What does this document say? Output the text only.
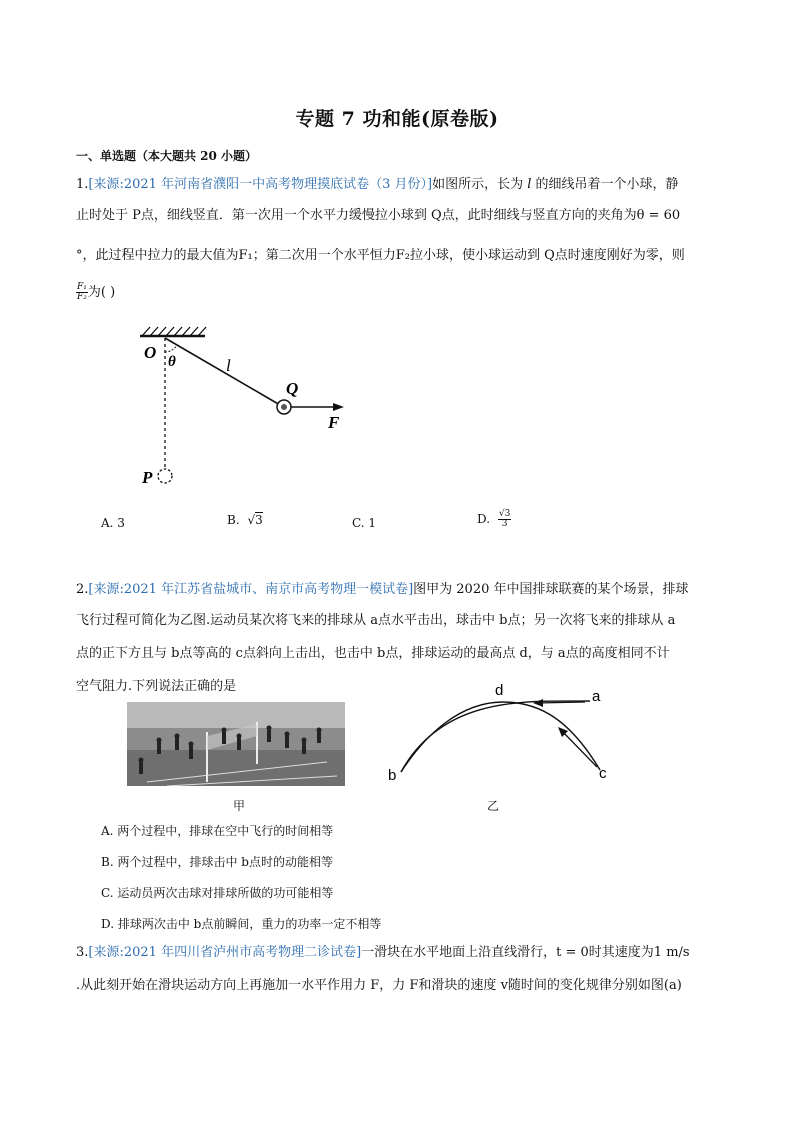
专题 7 功和能(原卷版)
一、单选题（本大题共 20 小题）
1.[来源:2021 年河南省濮阳一中高考物理摸底试卷（3 月份）]如图所示，长为 l 的细线吊着一个小球，静
止时处于 P点，细线竖直．第一次用一个水平力缓慢拉小球到 Q点，此时细线与竖直方向的夹角为θ = 60
°，此过程中拉力的最大值为F₁；第二次用一个水平恒力F₂拉小球，使小球运动到 Q点时速度刚好为零，则
$\frac{\text{F₁}}{\text{F₂}}$ 为( )
O θ	l
Q
F
P
A. 3	B. √3	C. 1	D. $\frac{√3}{3}$
2.[来源:2021 年江苏省盐城市、南京市高考物理一模试卷]图甲为 2020 年中国排球联赛的某个场景，排球
飞行过程可简化为乙图.运动员某次将飞来的排球从 a点水平击出，球击中 b点；另一次将飞来的排球从 a
点的正下方且与 b点等高的 c点斜向上击出，也击中 b点，排球运动的最高点 d，与 a点的高度相同不计
空气阻力.下列说法正确的是
甲
a
b	c
d
乙
A. 两个过程中，排球在空中飞行的时间相等
B. 两个过程中，排球击中 b点时的动能相等
C. 运动员两次击球对排球所做的功可能相等
D. 排球两次击中 b点前瞬间，重力的功率一定不相等
3.[来源:2021 年四川省泸州市高考物理二诊试卷]一滑块在水平地面上沿直线滑行，t = 0时其速度为1 m/s
.从此刻开始在滑块运动方向上再施加一水平作用力 F，力 F和滑块的速度 v随时间的变化规律分别如图(a)
